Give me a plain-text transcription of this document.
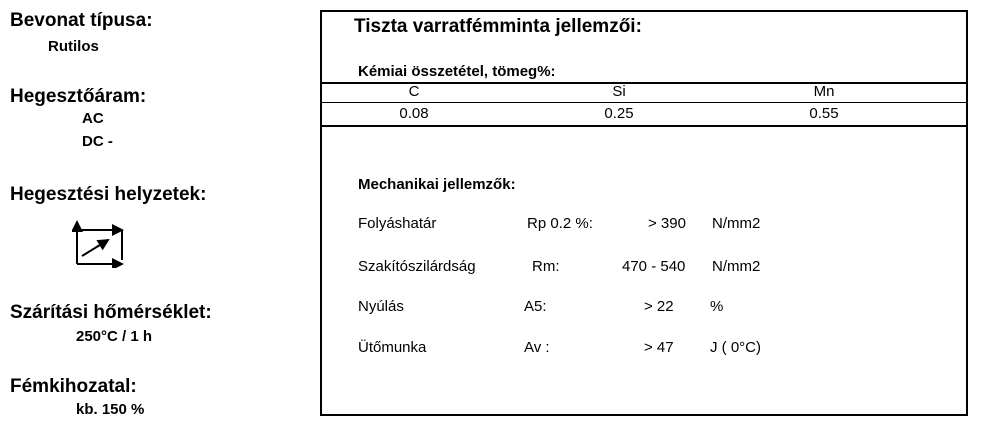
Bevonat típusa:
Rutilos
Hegesztőáram:
AC
DC -
Hegesztési helyzetek:
Szárítási hőmérséklet:
250°C / 1 h
Fémkihozatal:
kb. 150 %
Tiszta varratfémminta jellemzői:
Kémiai összetétel, tömeg%:
C	Si	Mn
0.08	0.25	0.55
Mechanikai jellemzők:
Folyáshatár	Rp 0.2 %:	> 390 N/mm2
Szakítószilárdság	Rm:	470 - 540 N/mm2
Nyúlás	A5:	> 22 %
Ütőmunka	Av :	> 47 J ( 0°C)
